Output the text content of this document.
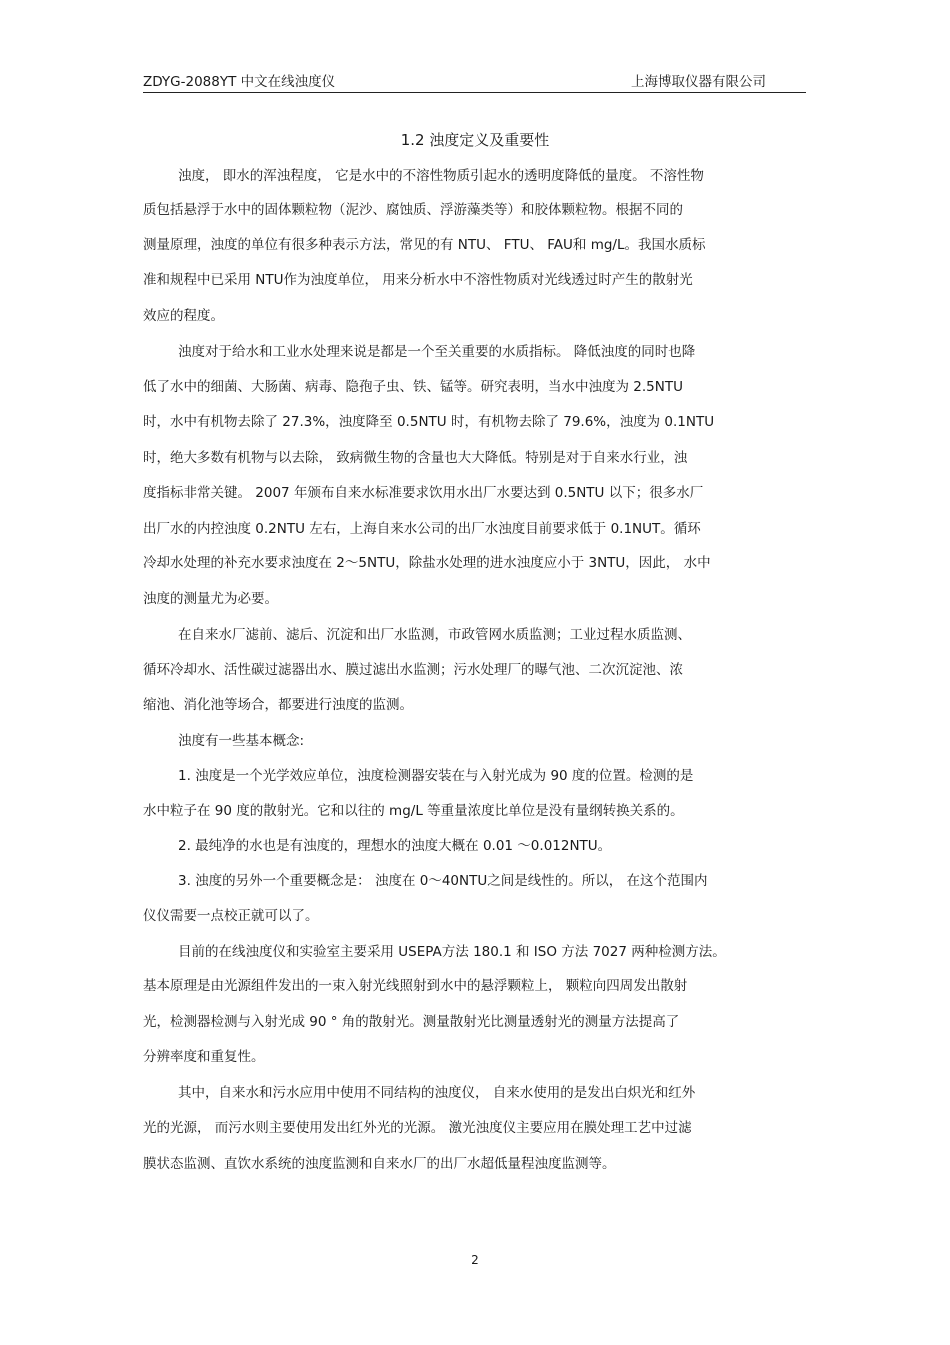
ZDYG-2088YT 中文在线浊度仪	上海博取仪器有限公司
1.2 浊度定义及重要性
浊度， 即水的浑浊程度， 它是水中的不溶性物质引起水的透明度降低的量度。 不溶性物
质包括悬浮于水中的固体颗粒物（泥沙、腐蚀质、浮游藻类等）和胶体颗粒物。根据不同的
测量原理，浊度的单位有很多种表示方法，常见的有 NTU、 FTU、 FAU和 mg/L。我国水质标
准和规程中已采用 NTU作为浊度单位， 用来分析水中不溶性物质对光线透过时产生的散射光
效应的程度。
浊度对于给水和工业水处理来说是都是一个至关重要的水质指标。 降低浊度的同时也降
低了水中的细菌、大肠菌、病毒、隐孢子虫、铁、锰等。研究表明，当水中浊度为 2.5NTU
时，水中有机物去除了 27.3%，浊度降至 0.5NTU 时，有机物去除了 79.6%，浊度为 0.1NTU
时，绝大多数有机物与以去除， 致病微生物的含量也大大降低。特别是对于自来水行业，浊
度指标非常关键。 2007 年颁布自来水标准要求饮用水出厂水要达到 0.5NTU 以下；很多水厂
出厂水的内控浊度 0.2NTU 左右，上海自来水公司的出厂水浊度目前要求低于 0.1NUT。循环
冷却水处理的补充水要求浊度在 2～5NTU，除盐水处理的进水浊度应小于 3NTU，因此， 水中
浊度的测量尤为必要。
在自来水厂滤前、滤后、沉淀和出厂水监测，市政管网水质监测；工业过程水质监测、
循环冷却水、活性碳过滤器出水、膜过滤出水监测；污水处理厂的曝气池、二次沉淀池、浓
缩池、消化池等场合，都要进行浊度的监测。
浊度有一些基本概念:
1. 浊度是一个光学效应单位，浊度检测器安装在与入射光成为 90 度的位置。检测的是
水中粒子在 90 度的散射光。它和以往的 mg/L 等重量浓度比单位是没有量纲转换关系的。
2. 最纯净的水也是有浊度的，理想水的浊度大概在 0.01 ～0.012NTU。
3. 浊度的另外一个重要概念是： 浊度在 0～40NTU之间是线性的。所以， 在这个范围内
仪仪需要一点校正就可以了。
目前的在线浊度仪和实验室主要采用 USEPA方法 180.1 和 ISO 方法 7027 两种检测方法。
基本原理是由光源组件发出的一束入射光线照射到水中的悬浮颗粒上， 颗粒向四周发出散射
光，检测器检测与入射光成 90 ° 角的散射光。测量散射光比测量透射光的测量方法提高了
分辨率度和重复性。
其中，自来水和污水应用中使用不同结构的浊度仪， 自来水使用的是发出白炽光和红外
光的光源， 而污水则主要使用发出红外光的光源。 激光浊度仪主要应用在膜处理工艺中过滤
膜状态监测、直饮水系统的浊度监测和自来水厂的出厂水超低量程浊度监测等。
2
